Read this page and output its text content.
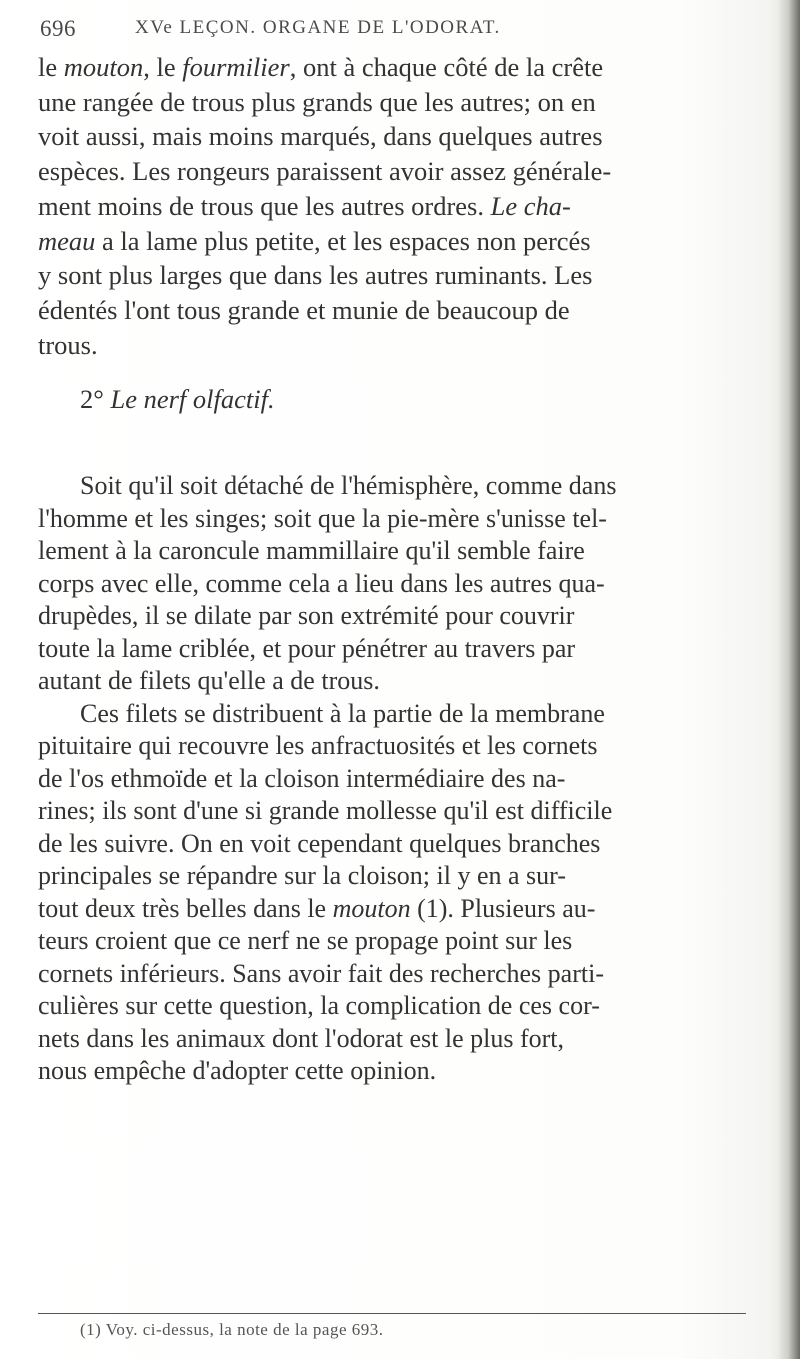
696	XVe LEÇON. ORGANE DE L'ODORAT.
le mouton, le fourmilier, ont à chaque côté de la crête
une rangée de trous plus grands que les autres; on en
voit aussi, mais moins marqués, dans quelques autres
espèces. Les rongeurs paraissent avoir assez générale-
ment moins de trous que les autres ordres. Le cha-
meau a la lame plus petite, et les espaces non percés
y sont plus larges que dans les autres ruminants. Les
édentés l'ont tous grande et munie de beaucoup de
trous.
2° Le nerf olfactif.
Soit qu'il soit détaché de l'hémisphère, comme dans
l'homme et les singes; soit que la pie-mère s'unisse tel-
lement à la caroncule mammillaire qu'il semble faire
corps avec elle, comme cela a lieu dans les autres qua-
drupèdes, il se dilate par son extrémité pour couvrir
toute la lame criblée, et pour pénétrer au travers par
autant de filets qu'elle a de trous.
Ces filets se distribuent à la partie de la membrane
pituitaire qui recouvre les anfractuosités et les cornets
de l'os ethmoïde et la cloison intermédiaire des na-
rines; ils sont d'une si grande mollesse qu'il est difficile
de les suivre. On en voit cependant quelques branches
principales se répandre sur la cloison; il y en a sur-
tout deux très belles dans le mouton (1). Plusieurs au-
teurs croient que ce nerf ne se propage point sur les
cornets inférieurs. Sans avoir fait des recherches parti-
culières sur cette question, la complication de ces cor-
nets dans les animaux dont l'odorat est le plus fort,
nous empêche d'adopter cette opinion.
(1) Voy. ci-dessus, la note de la page 693.
